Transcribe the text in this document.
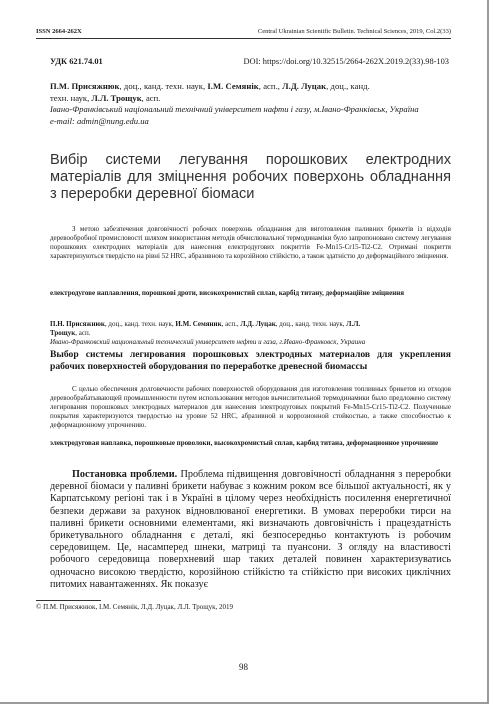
ISSN 2664-262X	Central Ukrainian Scientific Bulletin. Technical Sciences, 2019, Col.2(33)
УДК 621.74.01	DOI: https://doi.org/10.32515/2664-262X.2019.2(33).98-103
П.М. Присяжнюк, доц., канд. техн. наук, І.М. Семянік, асп., Л.Д. Луцак, доц., канд.
техн. наук, Л.Л. Трощук, асп.
Івано-Франківський національний технічний університет нафти і газу, м.Івано-Франківськ, Україна
e-mail: admin@nung.edu.ua
Вибір системи легування порошкових електродних матеріалів для зміцнення робочих поверхонь обладнання з переробки деревної біомаси
З метою забезпечення довговічності робочих поверхонь обладнання для виготовлення паливних брикетів із відходів деревообробної промисловості шляхом використання методів обчислювальної термодинаміки було запропоновано систему легування порошкових електродних матеріалів для нанесення електродугових покриттів Fe-Mn15-Cr15-Ti2-C2. Отримані покриття характеризуються твердістю на рівні 52 HRC, абразивною та корозійною стійкістю, а також здатністю до деформаційного зміцнення.
електродугове наплавлення, порошкові дроти, високохромистий сплав, карбід титану, деформаційне зміцнення
П.Н. Присяжнюк, доц., канд. техн. наук, И.М. Семяник, асп., Л.Д. Луцак, доц., канд. техн. наук, Л.Л.
Трощук, асп.
Ивано-Франковский национальный технический университет нефти и газа, г.Ивано-Франковск, Украина
Выбор системы легирования порошковых электродных материалов для укрепления рабочих поверхностей оборудования по переработке древесной биомассы
С целью обеспечения долговечности рабочих поверхностей оборудования для изготовления топливных брикетов из отходов деревообрабатывающей промышленности путем использования методов вычислительной термодинамики было предложено систему легирования порошковых электродных материалов для нанесения электродуговых покрытий Fe-Mn15-Cr15-Ti2-C2. Полученные покрытия характеризуются твердостью на уровне 52 HRC, абразивной и коррозионной стойкостью, а также способностью к деформационному упрочнению.
электродуговая наплавка, порошковые проволоки, высокохромистый сплав, карбид титана, деформационное упрочнение
Постановка проблеми. Проблема підвищення довговічності обладнання з переробки деревної біомаси у паливні брикети набуває з кожним роком все більшої актуальності, як у Карпатському регіоні так і в Україні в цілому через необхідність посилення енергетичної безпеки держави за рахунок відновлюваної енергетики. В умовах переробки тирси на паливні брикети основними елементами, які визначають довговічність і працездатність брикетувального обладнання є деталі, які безпосередньо контактують із робочим середовищем. Це, насамперед шнеки, матриці та пуансони. З огляду на властивості робочого середовища поверхневий шар таких деталей повинен характеризуватись одночасно високою твердістю, корозійною стійкістю та стійкістю при високих циклічних питомих навантаженнях. Як показує
© П.М. Присяжнюк, І.М. Семянік, Л.Д. Луцак, Л.Л. Трощук, 2019
98
